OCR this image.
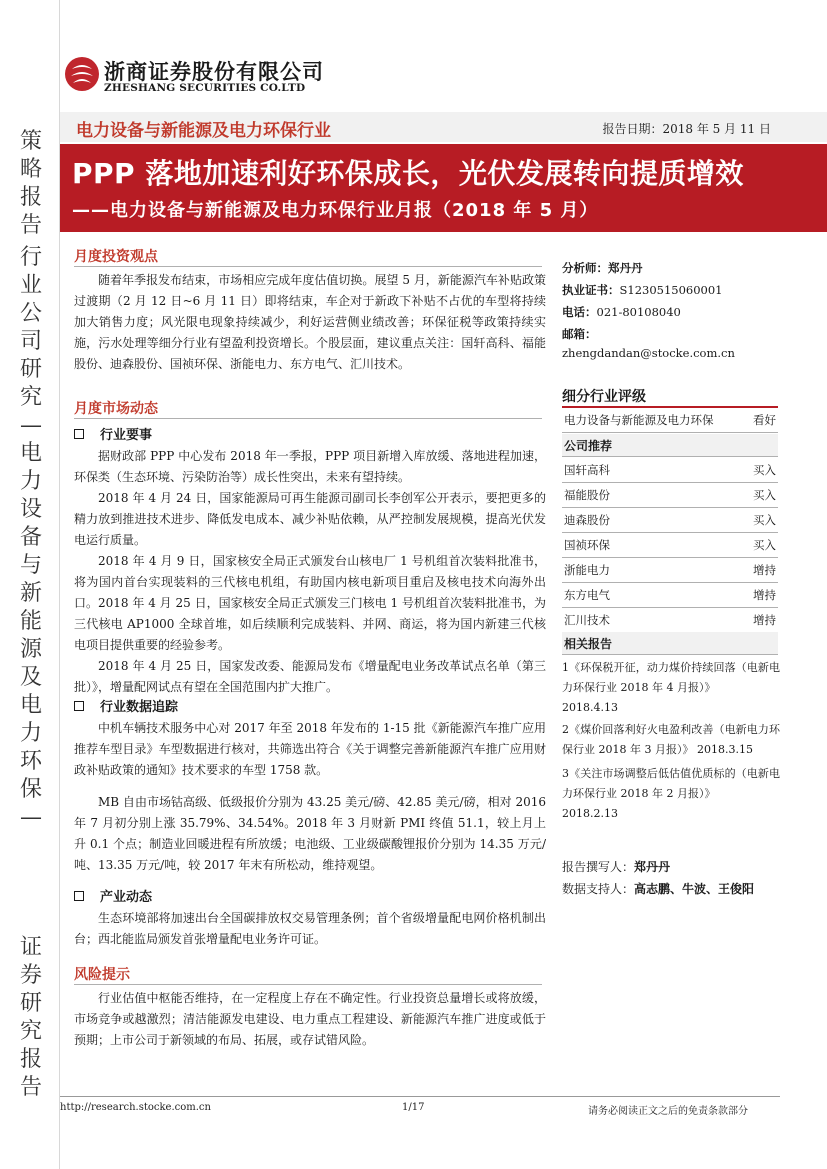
策略报告
行业公司研究—电力设备与新能源及电力环保—
证券研究报告
浙商证券股份有限公司
ZHESHANG SECURITIES CO.LTD
电力设备与新能源及电力环保行业	报告日期：2018 年 5 月 11 日
PPP 落地加速利好环保成长，光伏发展转向提质增效
——电力设备与新能源及电力环保行业月报（2018 年 5 月）
月度投资观点
随着年季报发布结束，市场相应完成年度估值切换。展望 5 月，新能源汽车补贴政策过渡期（2 月 12 日~6 月 11 日）即将结束，车企对于新政下补贴不占优的车型将持续加大销售力度；风光限电现象持续减少，利好运营侧业绩改善；环保征税等政策持续实施，污水处理等细分行业有望盈利投资增长。个股层面，建议重点关注：国轩高科、福能股份、迪森股份、国祯环保、浙能电力、东方电气、汇川技术。
月度市场动态
行业要事
据财政部 PPP 中心发布 2018 年一季报，PPP 项目新增入库放缓、落地进程加速，环保类（生态环境、污染防治等）成长性突出，未来有望持续。
2018 年 4 月 24 日，国家能源局可再生能源司副司长李创军公开表示，要把更多的精力放到推进技术进步、降低发电成本、减少补贴依赖，从严控制发展规模，提高光伏发电运行质量。
2018 年 4 月 9 日，国家核安全局正式颁发台山核电厂 1 号机组首次装料批准书，将为国内首台实现装料的三代核电机组，有助国内核电新项目重启及核电技术向海外出口。2018 年 4 月 25 日，国家核安全局正式颁发三门核电 1 号机组首次装料批准书，为三代核电 AP1000 全球首堆，如后续顺利完成装料、并网、商运，将为国内新建三代核电项目提供重要的经验参考。
2018 年 4 月 25 日，国家发改委、能源局发布《增量配电业务改革试点名单（第三批）》，增量配网试点有望在全国范围内扩大推广。
行业数据追踪
中机车辆技术服务中心对 2017 年至 2018 年发布的 1-15 批《新能源汽车推广应用推荐车型目录》车型数据进行核对，共筛选出符合《关于调整完善新能源汽车推广应用财政补贴政策的通知》技术要求的车型 1758 款。
MB 自由市场钴高级、低级报价分别为 43.25 美元/磅、42.85 美元/磅，相对 2016 年 7 月初分别上涨 35.79%、34.54%。2018 年 3 月财新 PMI 终值 51.1，较上月上升 0.1 个点；制造业回暖进程有所放缓；电池级、工业级碳酸锂报价分别为 14.35 万元/吨、13.35 万元/吨，较 2017 年末有所松动，维持观望。
产业动态
生态环境部将加速出台全国碳排放权交易管理条例；首个省级增量配电网价格机制出台；西北能监局颁发首张增量配电业务许可证。
风险提示
行业估值中枢能否维持，在一定程度上存在不确定性。行业投资总量增长或将放缓，市场竞争或越激烈；清洁能源发电建设、电力重点工程建设、新能源汽车推广进度或低于预期；上市公司于新领域的布局、拓展，或存试错风险。
分析师：郑丹丹
执业证书：S1230515060001
电话：021-80108040
邮箱：
zhengdandan@stocke.com.cn
细分行业评级
电力设备与新能源及电力环保	看好
公司推荐
国轩高科	买入
福能股份	买入
迪森股份	买入
国祯环保	买入
浙能电力	增持
东方电气	增持
汇川技术	增持
相关报告
1《环保税开征，动力煤价持续回落（电新电力环保行业 2018 年 4 月报）》
2018.4.13
2《煤价回落利好火电盈利改善（电新电力环保行业 2018 年 3 月报）》 2018.3.15
3《关注市场调整后低估值优质标的（电新电力环保行业 2018 年 2 月报）》
2018.2.13
报告撰写人：郑丹丹
数据支持人：高志鹏、牛波、王俊阳
http://research.stocke.com.cn	1/17	请务必阅读正文之后的免责条款部分
